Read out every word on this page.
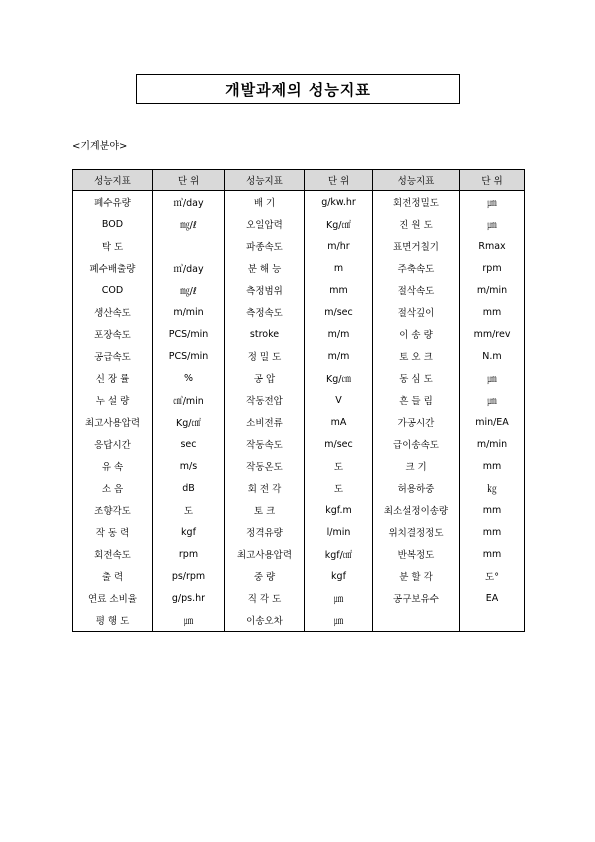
개발과제의 성능지표
<기계분야>
성능지표	단 위	성능지표	단 위	성능지표	단 위
폐수유량	㎥/day	배 기	g/kw.hr	회전정밀도	㎛
BOD	㎎/ℓ	오일압력	Kg/㎠	진 원 도	㎛
탁 도		파종속도	m/hr	표면거칠기	Rmax
폐수배출량	㎥/day	분 해 능	m	주축속도	rpm
COD	㎎/ℓ	측정범위	mm	절삭속도	m/min
생산속도	m/min	측정속도	m/sec	절삭깊이	mm
포장속도	PCS/min	stroke	m/m	이 송 량	mm/rev
공급속도	PCS/min	정 밀 도	m/m	토 오 크	N.m
신 장 률	%	공 압	Kg/㎝	동 심 도	㎛
누 설 량	㎤/min	작동전압	V	흔 들 림	㎛
최고사용압력	Kg/㎠	소비전류	mA	가공시간	min/EA
응답시간	sec	작동속도	m/sec	급이송속도	m/min
유 속	m/s	작동온도	도	크 기	mm
소 음	dB	회 전 각	도	허용하중	㎏
조향각도	도	토 크	kgf.m	최소설정이송량	mm
작 동 력	kgf	정격유량	l/min	위치결정정도	mm
회전속도	rpm	최고사용압력	kgf/㎠	반복정도	mm
출 력	ps/rpm	중 량	kgf	분 할 각	도°
연료 소비율	g/ps.hr	직 각 도	㎛	공구보유수	EA
평 행 도	㎛	이송오차	㎛		
